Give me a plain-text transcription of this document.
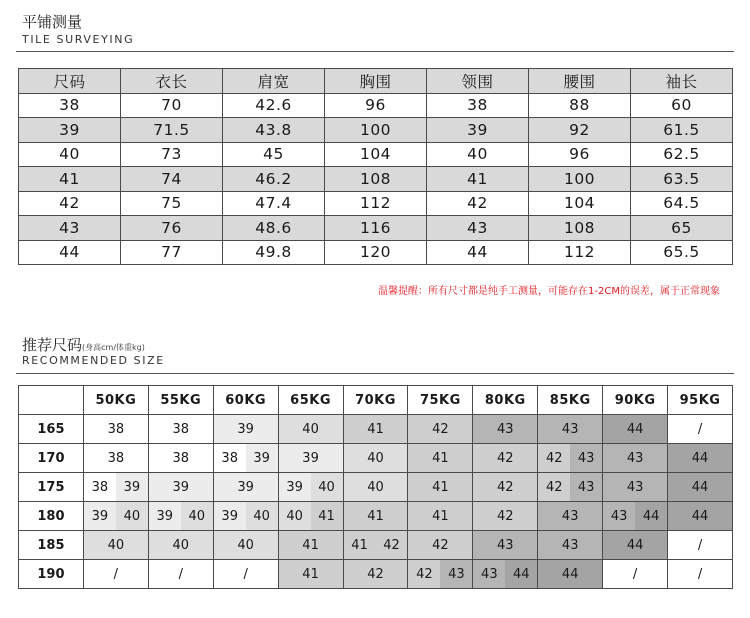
平铺测量
TILE SURVEYING
尺码	衣长	肩宽	胸围	领围	腰围	袖长
38	70	42.6	96	38	88	60
39	71.5	43.8	100	39	92	61.5
40	73	45	104	40	96	62.5
41	74	46.2	108	41	100	63.5
42	75	47.4	112	42	104	64.5
43	76	48.6	116	43	108	65
44	77	49.8	120	44	112	65.5
温馨提醒：所有尺寸都是纯手工测量，可能存在1-2CM的误差，属于正常现象
推荐尺码(身高cm/体重kg)
RECOMMENDED SIZE
	50KG	55KG	60KG	65KG	70KG	75KG	80KG	85KG	90KG	95KG
165	38	38	39	40	41	42	43	43	44	/
170	38	38	38 39	39	40	41	42	42 43	43	44
175	38 39	39	39	39 40	40	41	42	42 43	43	44
180	39 40	39 40	39 40	40 41	41	41	42	43	43 44	44
185	40	40	40	41	41 42	42	43	43	44	/
190	/	/	/	41	42	42 43	43 44	44	/	/
